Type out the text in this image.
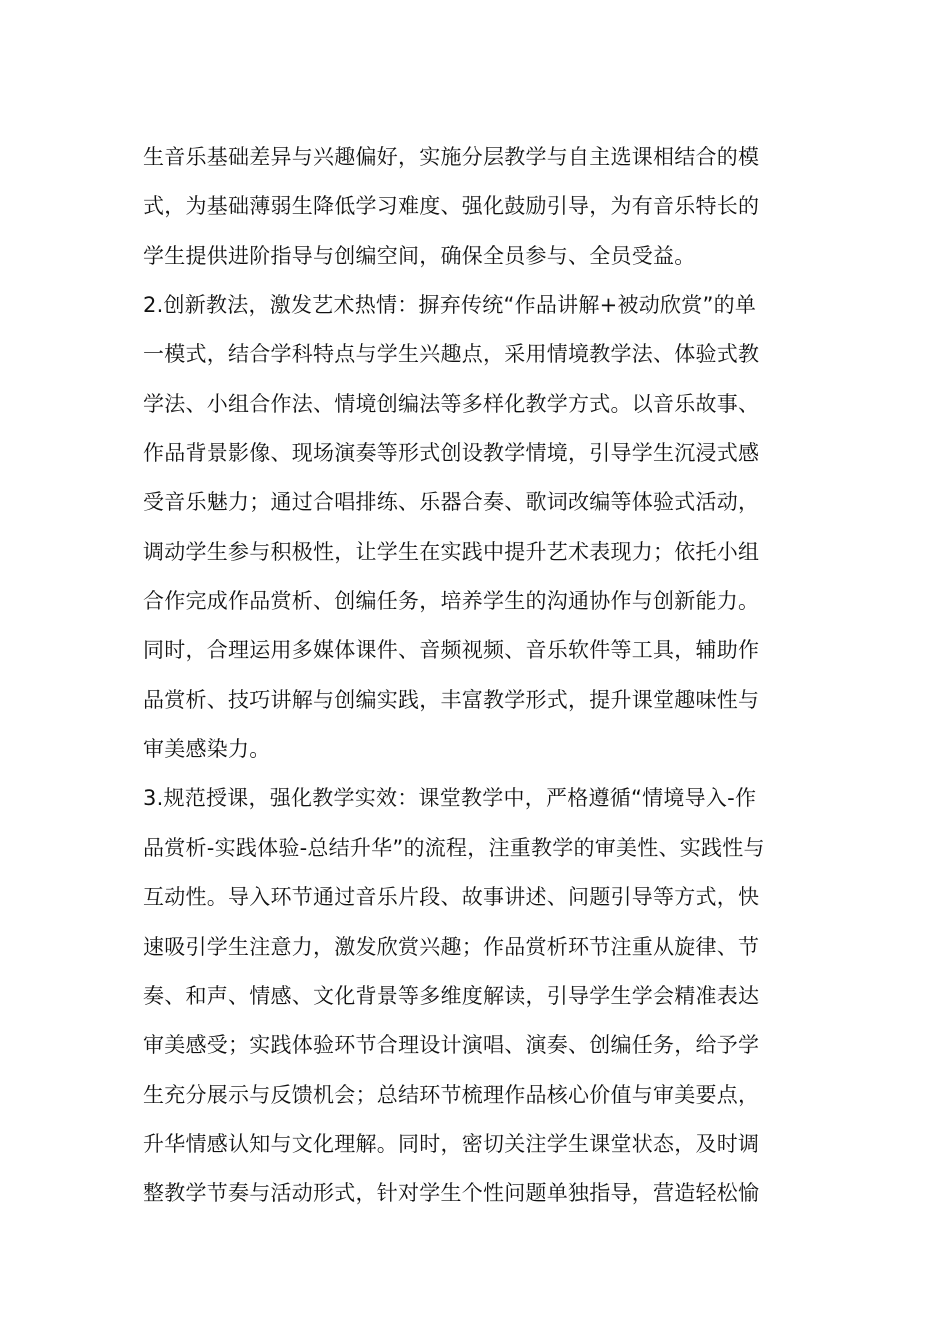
生音乐基础差异与兴趣偏好，实施分层教学与自主选课相结合的模
式，为基础薄弱生降低学习难度、强化鼓励引导，为有音乐特长的
学生提供进阶指导与创编空间，确保全员参与、全员受益。
2.创新教法，激发艺术热情：摒弃传统“作品讲解+被动欣赏”的单
一模式，结合学科特点与学生兴趣点，采用情境教学法、体验式教
学法、小组合作法、情境创编法等多样化教学方式。以音乐故事、
作品背景影像、现场演奏等形式创设教学情境，引导学生沉浸式感
受音乐魅力；通过合唱排练、乐器合奏、歌词改编等体验式活动，
调动学生参与积极性，让学生在实践中提升艺术表现力；依托小组
合作完成作品赏析、创编任务，培养学生的沟通协作与创新能力。
同时，合理运用多媒体课件、音频视频、音乐软件等工具，辅助作
品赏析、技巧讲解与创编实践，丰富教学形式，提升课堂趣味性与
审美感染力。
3.规范授课，强化教学实效：课堂教学中，严格遵循“情境导入-作
品赏析-实践体验-总结升华”的流程，注重教学的审美性、实践性与
互动性。导入环节通过音乐片段、故事讲述、问题引导等方式，快
速吸引学生注意力，激发欣赏兴趣；作品赏析环节注重从旋律、节
奏、和声、情感、文化背景等多维度解读，引导学生学会精准表达
审美感受；实践体验环节合理设计演唱、演奏、创编任务，给予学
生充分展示与反馈机会；总结环节梳理作品核心价值与审美要点，
升华情感认知与文化理解。同时，密切关注学生课堂状态，及时调
整教学节奏与活动形式，针对学生个性问题单独指导，营造轻松愉
